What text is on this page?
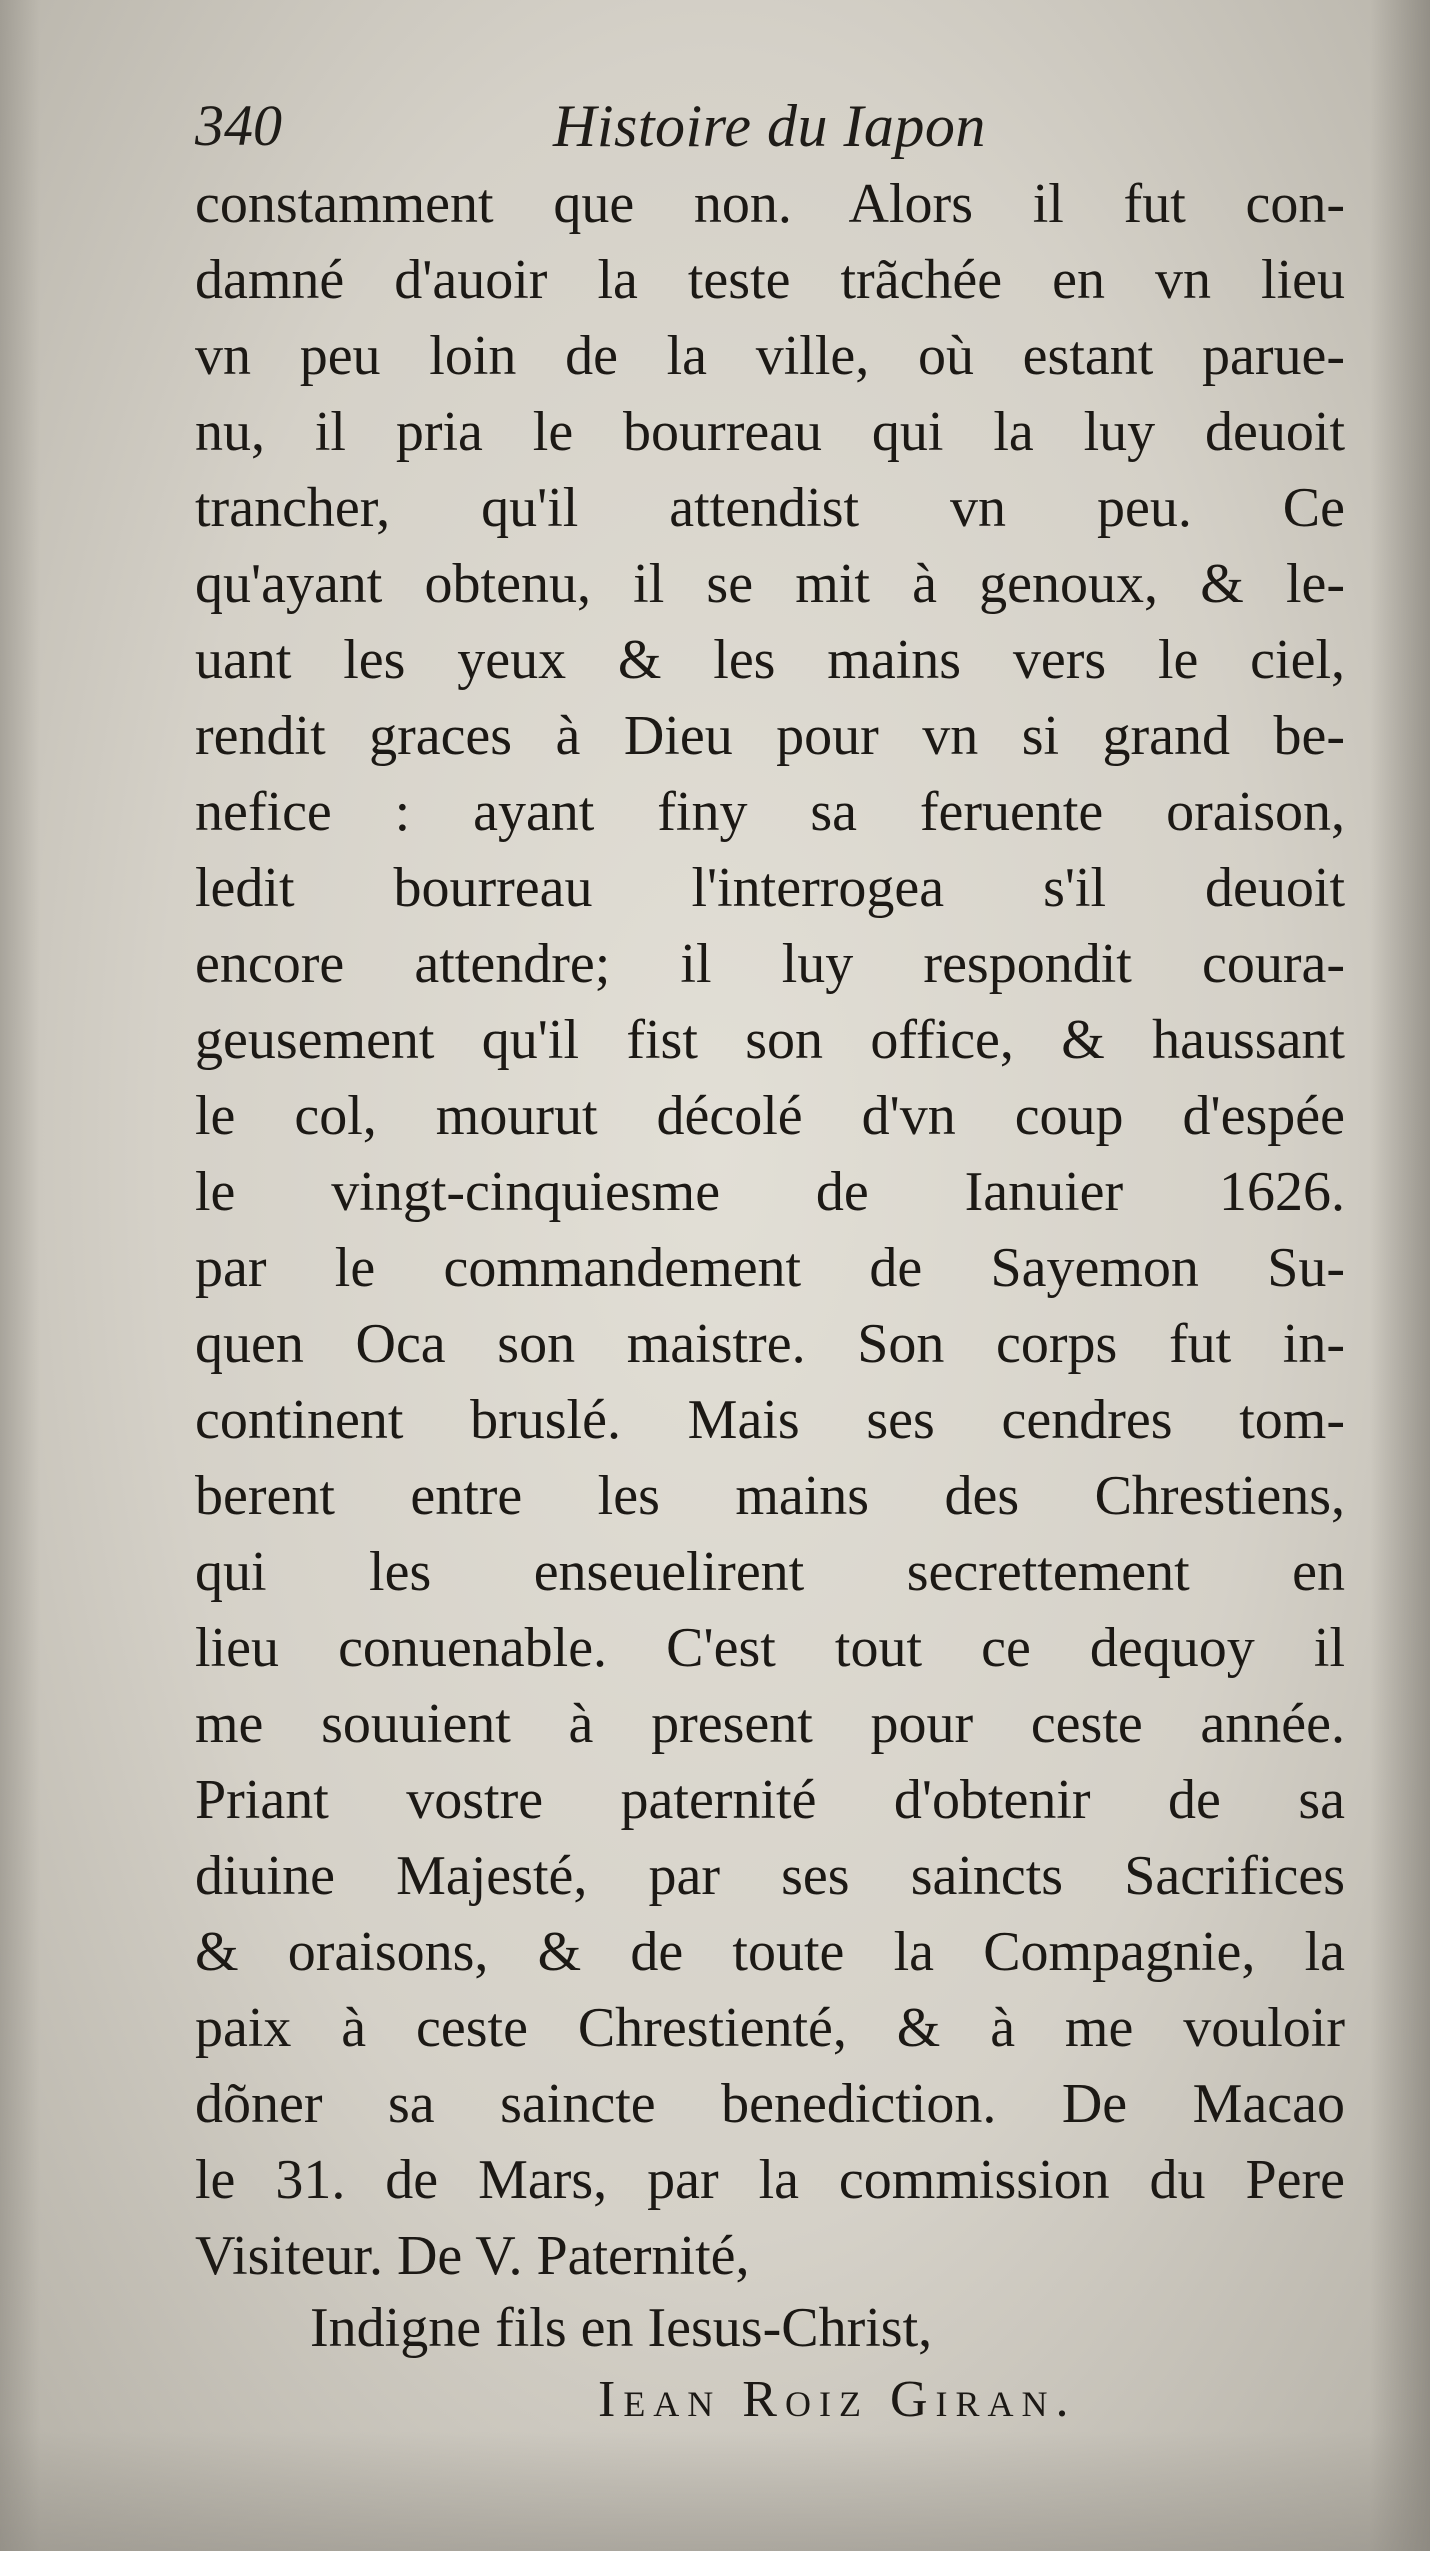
340	Histoire du Iapon
constamment que non. Alors il fut con-
damné d'auoir la teste trãchée en vn lieu
vn peu loin de la ville, où estant parue-
nu, il pria le bourreau qui la luy deuoit
trancher, qu'il attendist vn peu. Ce
qu'ayant obtenu, il se mit à genoux, & le-
uant les yeux & les mains vers le ciel,
rendit graces à Dieu pour vn si grand be-
nefice : ayant finy sa feruente oraison,
ledit bourreau l'interrogea s'il deuoit
encore attendre; il luy respondit coura-
geusement qu'il fist son office, & haussant
le col, mourut décolé d'vn coup d'espée
le vingt-cinquiesme de Ianuier 1626.
par le commandement de Sayemon Su-
quen Oca son maistre. Son corps fut in-
continent bruslé. Mais ses cendres tom-
berent entre les mains des Chrestiens,
qui les enseuelirent secrettement en
lieu conuenable. C'est tout ce dequoy il
me souuient à present pour ceste année.
Priant vostre paternité d'obtenir de sa
diuine Majesté, par ses saincts Sacrifices
& oraisons, & de toute la Compagnie, la
paix à ceste Chrestienté, & à me vouloir
dõner sa saincte benediction. De Macao
le 31. de Mars, par la commission du Pere
Visiteur. De V. Paternité,
Indigne fils en Iesus-Christ,
Iean Roiz Giran.
